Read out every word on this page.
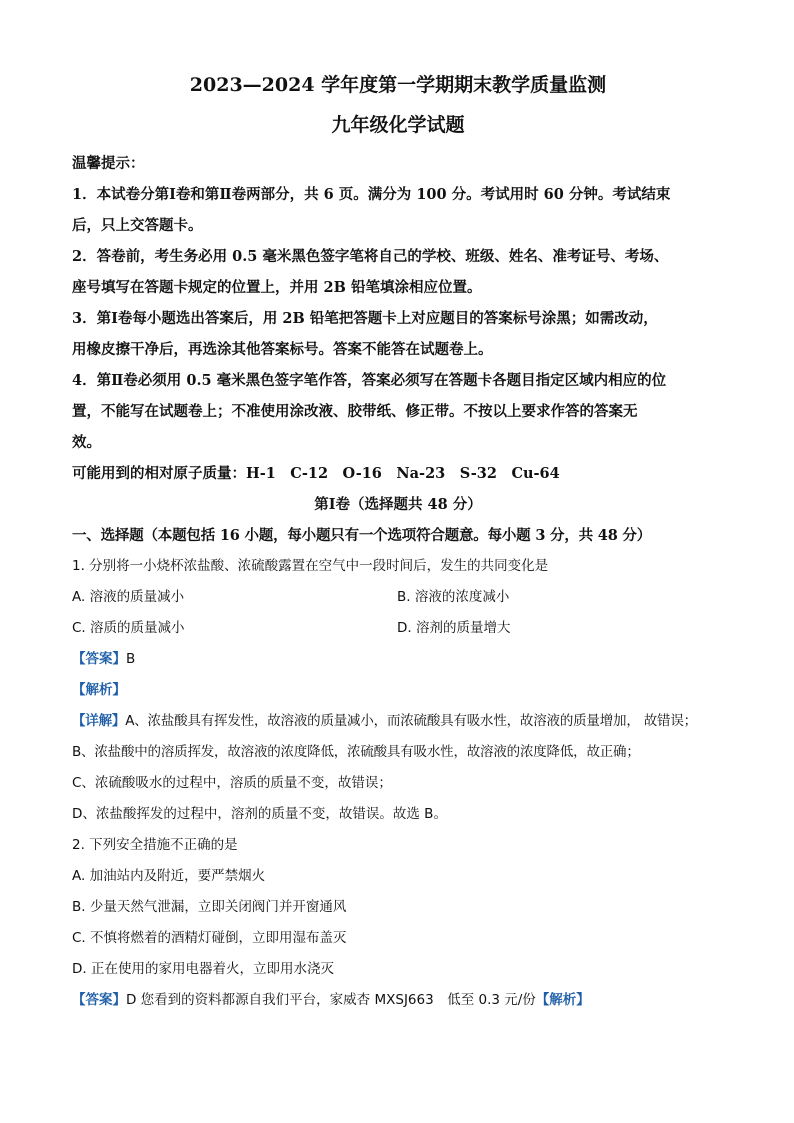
2023—2024 学年度第一学期期末教学质量监测
九年级化学试题
温馨提示：
1．本试卷分第Ⅰ卷和第Ⅱ卷两部分，共 6 页。满分为 100 分。考试用时 60 分钟。考试结束
后，只上交答题卡。
2．答卷前，考生务必用 0.5 毫米黑色签字笔将自己的学校、班级、姓名、准考证号、考场、
座号填写在答题卡规定的位置上，并用 2B 铅笔填涂相应位置。
3．第Ⅰ卷每小题选出答案后，用 2B 铅笔把答题卡上对应题目的答案标号涂黑；如需改动，
用橡皮擦干净后，再选涂其他答案标号。答案不能答在试题卷上。
4．第Ⅱ卷必须用 0.5 毫米黑色签字笔作答，答案必须写在答题卡各题目指定区域内相应的位
置，不能写在试题卷上；不准使用涂改液、胶带纸、修正带。不按以上要求作答的答案无
效。
可能用到的相对原子质量：H-1　C-12　O-16　Na-23　S-32　Cu-64
第Ⅰ卷（选择题共 48 分）
一、选择题（本题包括 16 小题，每小题只有一个选项符合题意。每小题 3 分，共 48 分）
1. 分别将一小烧杯浓盐酸、浓硫酸露置在空气中一段时间后，发生的共同变化是
A. 溶液的质量减小	B. 溶液的浓度减小
C. 溶质的质量减小	D. 溶剂的质量增大
【答案】B
【解析】
【详解】A、浓盐酸具有挥发性，故溶液的质量减小，而浓硫酸具有吸水性，故溶液的质量增加， 故错误；
B、浓盐酸中的溶质挥发，故溶液的浓度降低，浓硫酸具有吸水性，故溶液的浓度降低，故正确；
C、浓硫酸吸水的过程中，溶质的质量不变，故错误；
D、浓盐酸挥发的过程中，溶剂的质量不变，故错误。故选 B。
2. 下列安全措施不正确的是
A. 加油站内及附近，要严禁烟火
B. 少量天然气泄漏，立即关闭阀门并开窗通风
C. 不慎将燃着的酒精灯碰倒，立即用湿布盖灭
D. 正在使用的家用电器着火，立即用水浇灭
【答案】D 您看到的资料都源自我们平台，家威杏 MXSJ663　低至 0.3 元/份【解析】
